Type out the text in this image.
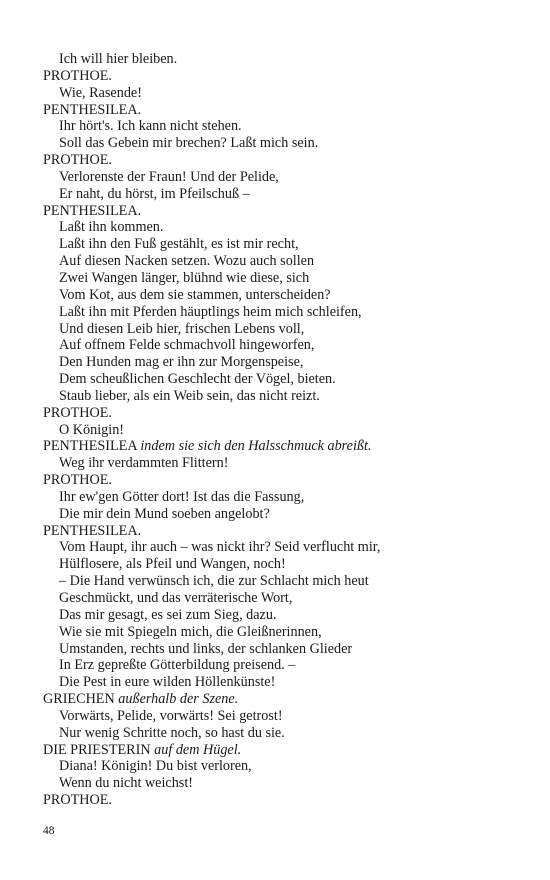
Ich will hier bleiben.
PROTHOE.
Wie, Rasende!
PENTHESILEA.
Ihr hört's. Ich kann nicht stehen.
Soll das Gebein mir brechen? Laßt mich sein.
PROTHOE.
Verlorenste der Fraun! Und der Pelide,
Er naht, du hörst, im Pfeilschuß –
PENTHESILEA.
Laßt ihn kommen.
Laßt ihn den Fuß gestählt, es ist mir recht,
Auf diesen Nacken setzen. Wozu auch sollen
Zwei Wangen länger, blühnd wie diese, sich
Vom Kot, aus dem sie stammen, unterscheiden?
Laßt ihn mit Pferden häuptlings heim mich schleifen,
Und diesen Leib hier, frischen Lebens voll,
Auf offnem Felde schmachvoll hingeworfen,
Den Hunden mag er ihn zur Morgenspeise,
Dem scheußlichen Geschlecht der Vögel, bieten.
Staub lieber, als ein Weib sein, das nicht reizt.
PROTHOE.
O Königin!
PENTHESILEA indem sie sich den Halsschmuck abreißt.
Weg ihr verdammten Flittern!
PROTHOE.
Ihr ew'gen Götter dort! Ist das die Fassung,
Die mir dein Mund soeben angelobt?
PENTHESILEA.
Vom Haupt, ihr auch – was nickt ihr? Seid verflucht mir,
Hülflosere, als Pfeil und Wangen, noch!
– Die Hand verwünsch ich, die zur Schlacht mich heut
Geschmückt, und das verräterische Wort,
Das mir gesagt, es sei zum Sieg, dazu.
Wie sie mit Spiegeln mich, die Gleißnerinnen,
Umstanden, rechts und links, der schlanken Glieder
In Erz gepreßte Götterbildung preisend. –
Die Pest in eure wilden Höllenkünste!
GRIECHEN außerhalb der Szene.
Vorwärts, Pelide, vorwärts! Sei getrost!
Nur wenig Schritte noch, so hast du sie.
DIE PRIESTERIN auf dem Hügel.
Diana! Königin! Du bist verloren,
Wenn du nicht weichst!
PROTHOE.
48
